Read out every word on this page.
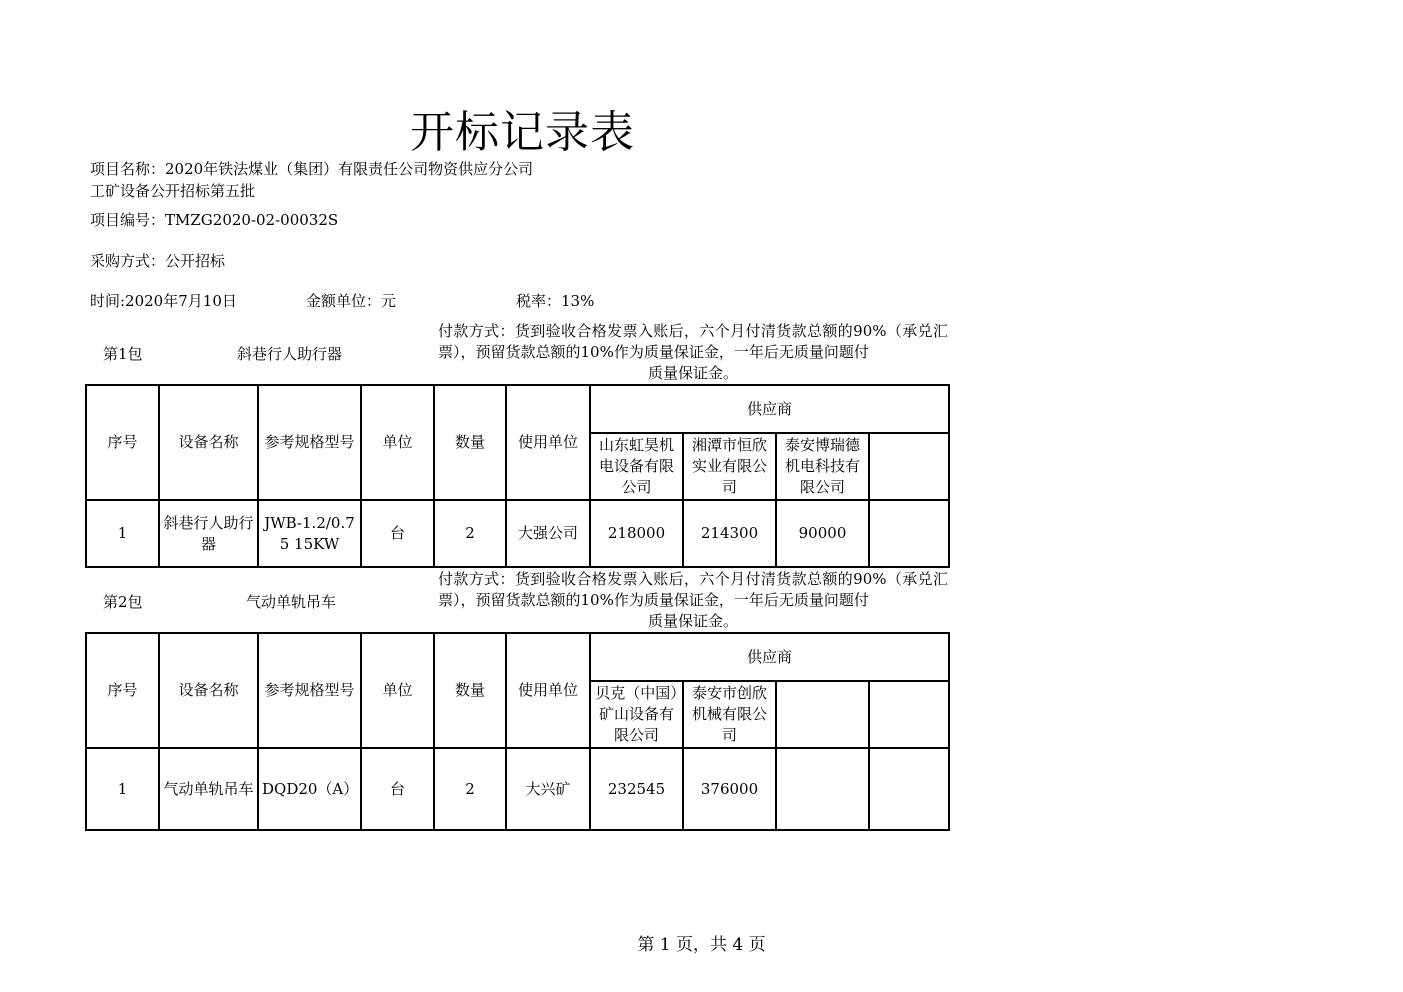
开标记录表
项目名称：2020年铁法煤业（集团）有限责任公司物资供应分公司
工矿设备公开招标第五批
项目编号：TMZG2020-02-00032S
采购方式：公开招标
时间:2020年7月10日	金额单位：元	税率：13%
第1包	斜巷行人助行器
付款方式：货到验收合格发票入账后，六个月付清货款总额的90%（承兑汇票），预留货款总额的10%作为质量保证金，一年后无质量问题付
质量保证金。
序号	设备名称	参考规格型号	单位	数量	使用单位	供应商			
						山东虹昊机电设备有限公司	湘潭市恒欣实业有限公司	泰安博瑞德机电科技有限公司	
1	斜巷行人助行器	JWB-1.2/0.75 15KW	台	2	大强公司	218000	214300	90000	
第2包	气动单轨吊车
付款方式：货到验收合格发票入账后，六个月付清货款总额的90%（承兑汇票），预留货款总额的10%作为质量保证金，一年后无质量问题付
质量保证金。
序号	设备名称	参考规格型号	单位	数量	使用单位	供应商			
						贝克（中国）矿山设备有限公司	泰安市创欣机械有限公司		
1	气动单轨吊车	DQD20（A）	台	2	大兴矿	232545	376000		
第 1 页，共 4 页
